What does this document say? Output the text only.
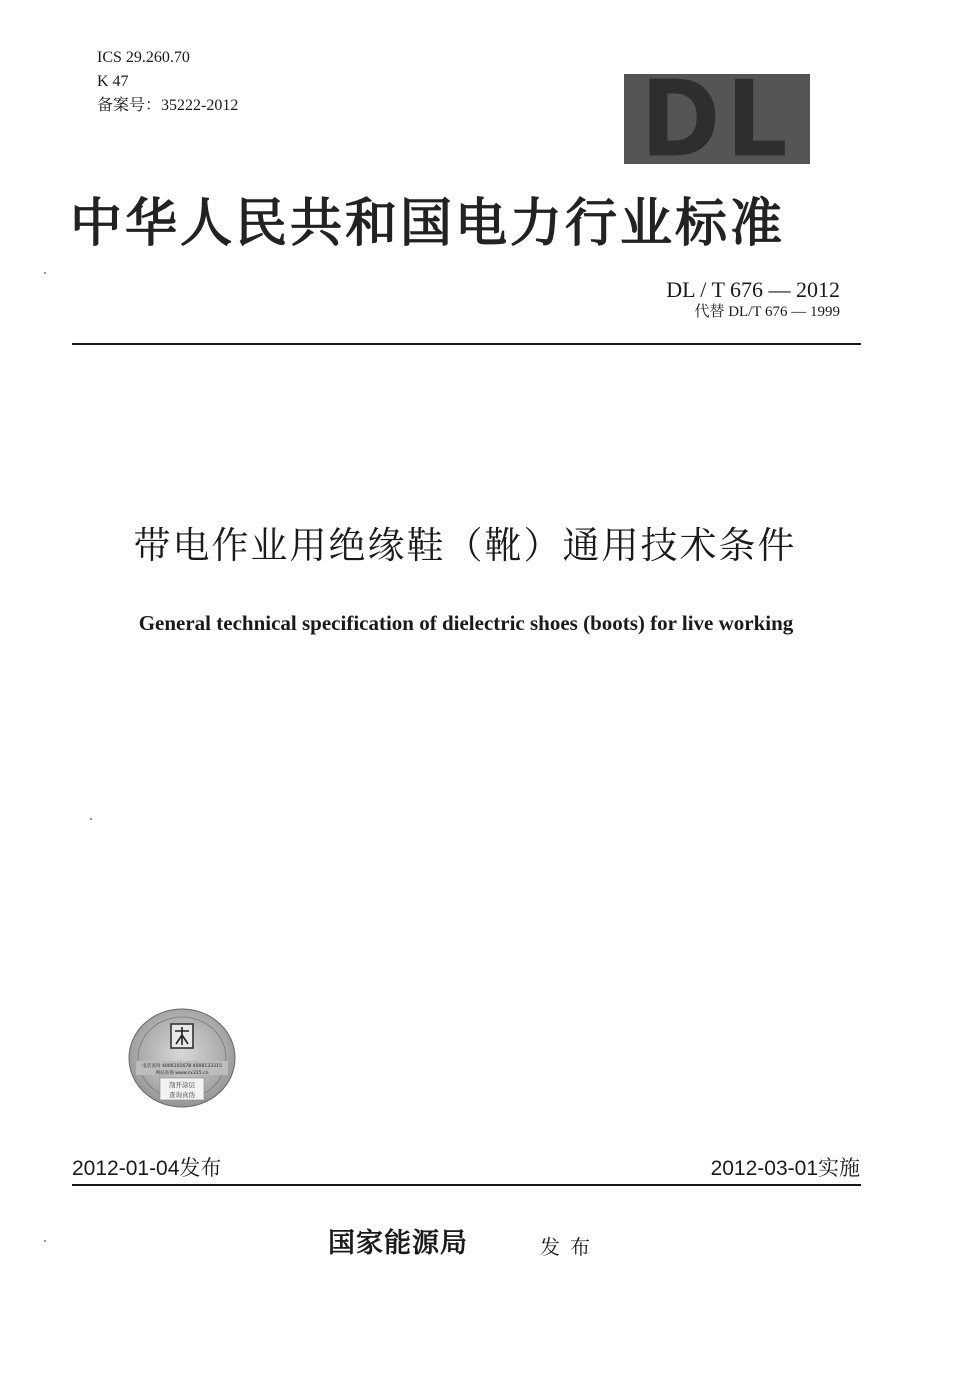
ICS 29.260.70
K 47
备案号：35222-2012	DL
中华人民共和国电力行业标准
DL / T 676 — 2012
代替 DL/T 676 — 1999
带电作业用绝缘鞋（靴）通用技术条件
General technical specification of dielectric shoes (boots) for live working
电话查询 4006101678 4008133315
网站查询 www.cx315.cn
刮开涂层
查询真伪
2012-01-04发布	2012-03-01实施
国家能源局	发布
